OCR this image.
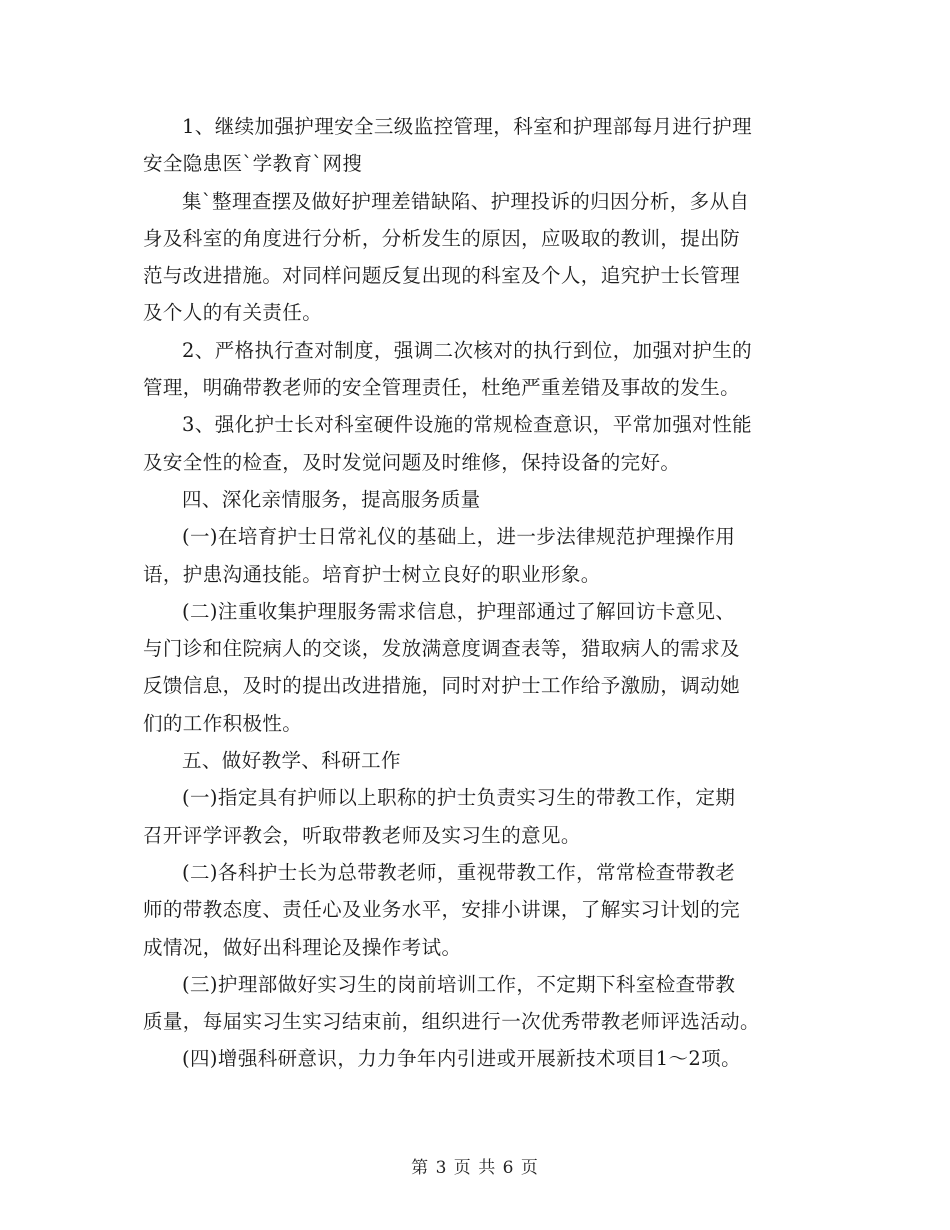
1、继续加强护理安全三级监控管理，科室和护理部每月进行护理
安全隐患医`学教育`网搜

集`整理查摆及做好护理差错缺陷、护理投诉的归因分析，多从自
身及科室的角度进行分析，分析发生的原因，应吸取的教训，提出防
范与改进措施。对同样问题反复出现的科室及个人，追究护士长管理
及个人的有关责任。

2、严格执行查对制度，强调二次核对的执行到位，加强对护生的
管理，明确带教老师的安全管理责任，杜绝严重差错及事故的发生。

3、强化护士长对科室硬件设施的常规检查意识，平常加强对性能
及安全性的检查，及时发觉问题及时维修，保持设备的完好。

四、深化亲情服务，提高服务质量

(一)在培育护士日常礼仪的基础上，进一步法律规范护理操作用
语，护患沟通技能。培育护士树立良好的职业形象。

(二)注重收集护理服务需求信息，护理部通过了解回访卡意见、
与门诊和住院病人的交谈，发放满意度调查表等，猎取病人的需求及
反馈信息，及时的提出改进措施，同时对护士工作给予激励，调动她
们的工作积极性。

五、做好教学、科研工作

(一)指定具有护师以上职称的护士负责实习生的带教工作，定期
召开评学评教会，听取带教老师及实习生的意见。

(二)各科护士长为总带教老师，重视带教工作，常常检查带教老
师的带教态度、责任心及业务水平，安排小讲课，了解实习计划的完
成情况，做好出科理论及操作考试。

(三)护理部做好实习生的岗前培训工作，不定期下科室检查带教
质量，每届实习生实习结束前，组织进行一次优秀带教老师评选活动。

(四)增强科研意识，力力争年内引进或开展新技术项目1～2项。

第 3 页 共 6 页
